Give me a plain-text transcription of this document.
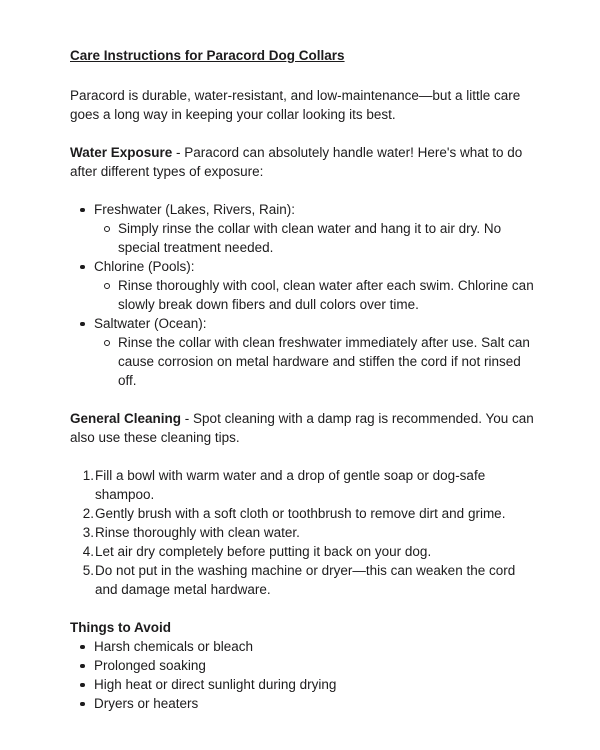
Care Instructions for Paracord Dog Collars

Paracord is durable, water-resistant, and low-maintenance—but a little care goes a long way in keeping your collar looking its best.

Water Exposure - Paracord can absolutely handle water! Here's what to do after different types of exposure:

Freshwater (Lakes, Rivers, Rain):
Simply rinse the collar with clean water and hang it to air dry. No special treatment needed.
Chlorine (Pools):
Rinse thoroughly with cool, clean water after each swim. Chlorine can slowly break down fibers and dull colors over time.
Saltwater (Ocean):
Rinse the collar with clean freshwater immediately after use. Salt can cause corrosion on metal hardware and stiffen the cord if not rinsed off.

General Cleaning - Spot cleaning with a damp rag is recommended. You can also use these cleaning tips.

1. Fill a bowl with warm water and a drop of gentle soap or dog-safe shampoo.
2. Gently brush with a soft cloth or toothbrush to remove dirt and grime.
3. Rinse thoroughly with clean water.
4. Let air dry completely before putting it back on your dog.
5. Do not put in the washing machine or dryer—this can weaken the cord and damage metal hardware.

Things to Avoid

Harsh chemicals or bleach
Prolonged soaking
High heat or direct sunlight during drying
Dryers or heaters
